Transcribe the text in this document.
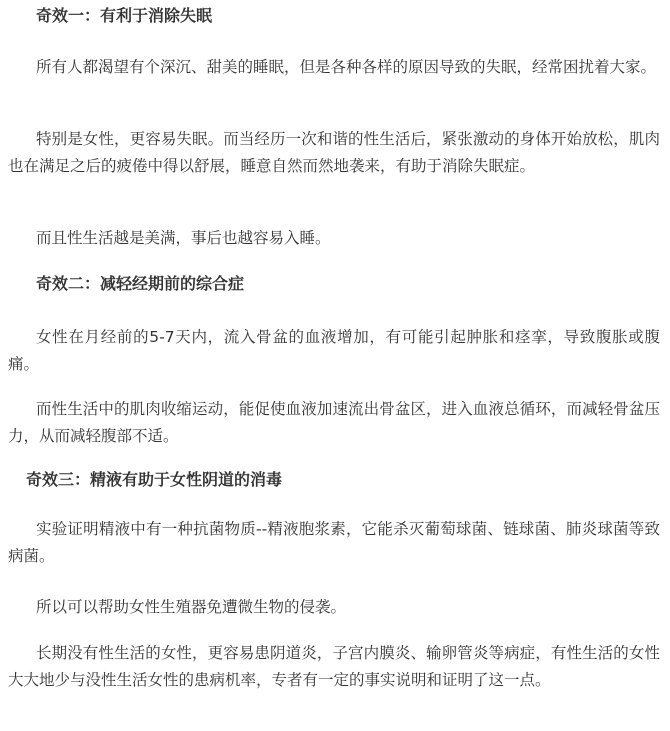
奇效一：有利于消除失眠

所有人都渴望有个深沉、甜美的睡眠，但是各种各样的原因导致的失眠，经常困扰着大家。

特别是女性，更容易失眠。而当经历一次和谐的性生活后，紧张激动的身体开始放松，肌肉也在满足之后的疲倦中得以舒展，睡意自然而然地袭来，有助于消除失眠症。

而且性生活越是美满，事后也越容易入睡。

奇效二：减轻经期前的综合症

女性在月经前的5-7天内，流入骨盆的血液增加，有可能引起肿胀和痉挛，导致腹胀或腹痛。

而性生活中的肌肉收缩运动，能促使血液加速流出骨盆区，进入血液总循环，而减轻骨盆压力，从而减轻腹部不适。

奇效三：精液有助于女性阴道的消毒

实验证明精液中有一种抗菌物质--精液胞浆素，它能杀灭葡萄球菌、链球菌、肺炎球菌等致病菌。

所以可以帮助女性生殖器免遭微生物的侵袭。

长期没有性生活的女性，更容易患阴道炎，子宫内膜炎、输卵管炎等病症，有性生活的女性大大地少与没性生活女性的患病机率，专者有一定的事实说明和证明了这一点。
